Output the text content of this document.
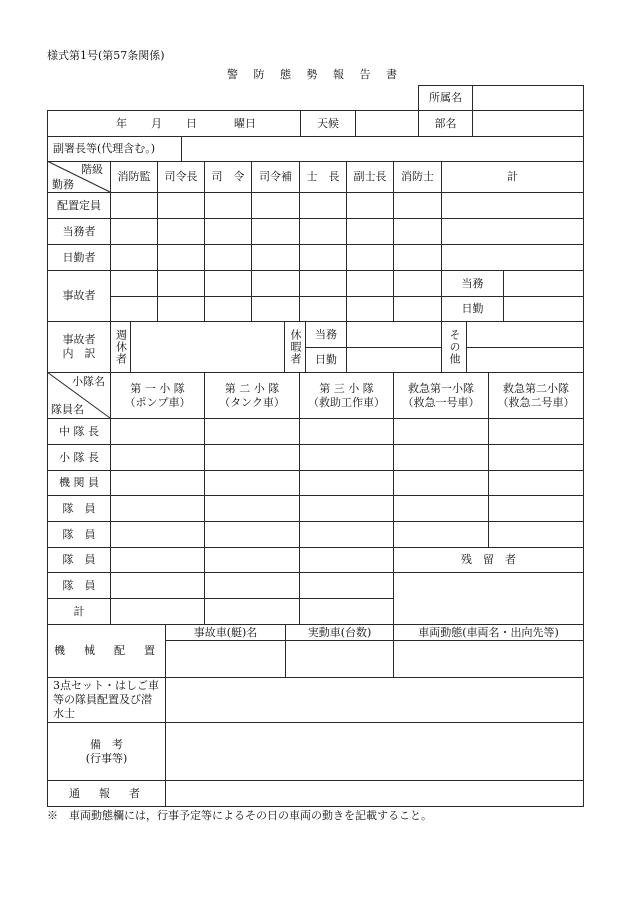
通　報　者
備　考
(行事等)
3点セット・はしご車等の隊員配置及び潜水士
車両動態(車両名・出向先等)
実動車(台数)
事故車(艇)名
機　械　配　置
残　留　者
計
隊　員
隊　員
隊　員
隊　員
機 関 員
小 隊 長
中 隊 長
救急第二小隊
（救急二号車）
救急第一小隊
（救急一号車）
第 三 小 隊
（救助工作車）
第 二 小 隊
（タンク車）
第 一 小 隊
（ポンプ車）
その他
日勤
当務
休暇者
週休者
事故者
内　訳
日勤
当務
事故者
日勤者
当務者
配置定員
計
消防士
副士長
士　長
司令補
司　令
司令長
消防監
副署長等(代理含む。)
部名
天候
所属名
様式第1号(第57条関係)
警 防 態 勢 報 告 書
年 月 日	曜日
階級
勤務
小隊名
隊員名
※　車両動態欄には，行事予定等によるその日の車両の動きを記載すること。
